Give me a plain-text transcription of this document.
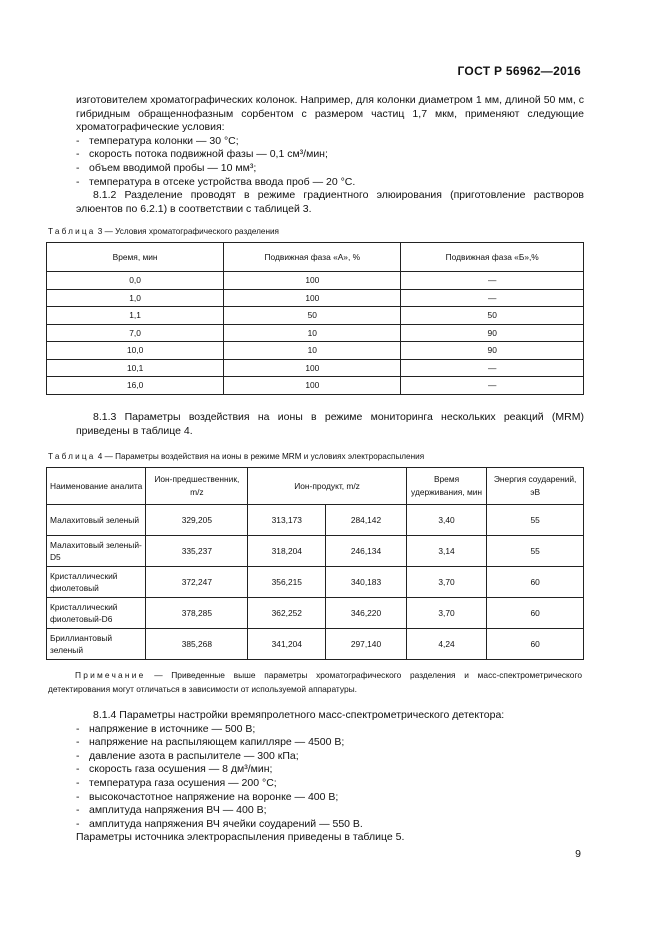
ГОСТ Р 56962—2016
изготовителем хроматографических колонок. Например, для колонки диаметром 1 мм, длиной 50 мм, с гибридным обращеннофазным сорбентом с размером частиц 1,7 мкм, применяют следующие хроматографические условия:
- температура колонки — 30 °С;
- скорость потока подвижной фазы — 0,1 см³/мин;
- объем вводимой пробы — 10 мм³;
- температура в отсеке устройства ввода проб — 20 °С.
8.1.2 Разделение проводят в режиме градиентного элюирования (приготовление растворов элюентов по 6.2.1) в соответствии с таблицей 3.
Таблица 3 — Условия хроматографического разделения
Время, мин	Подвижная фаза «А», %	Подвижная фаза «Б»,%
0,0	100	—
1,0	100	—
1,1	50	50
7,0	10	90
10,0	10	90
10,1	100	—
16,0	100	—
8.1.3 Параметры воздействия на ионы в режиме мониторинга нескольких реакций (MRM) приведены в таблице 4.
Таблица 4 — Параметры воздействия на ионы в режиме MRM и условиях электрораспыления
Наименование аналита	Ион-предшественник, m/z	Ион-продукт, m/z		Время удерживания, мин	Энергия соударений, эВ
Малахитовый зеленый	329,205	313,173	284,142	3,40	55
Малахитовый зеленый-D5	335,237	318,204	246,134	3,14	55
Кристаллический фиолетовый	372,247	356,215	340,183	3,70	60
Кристаллический фиолетовый-D6	378,285	362,252	346,220	3,70	60
Бриллиантовый зеленый	385,268	341,204	297,140	4,24	60
Примечание — Приведенные выше параметры хроматографического разделения и масс-спектрометрического детектирования могут отличаться в зависимости от используемой аппаратуры.
8.1.4 Параметры настройки времяпролетного масс-спектрометрического детектора:
- напряжение в источнике — 500 В;
- напряжение на распыляющем капилляре — 4500 В;
- давление азота в распылителе — 300 кПа;
- скорость газа осушения — 8 дм³/мин;
- температура газа осушения — 200 °С;
- высокочастотное напряжение на воронке — 400 В;
- амплитуда напряжения ВЧ — 400 В;
- амплитуда напряжения ВЧ ячейки соударений — 550 В.
Параметры источника электрораспыления приведены в таблице 5.
9
